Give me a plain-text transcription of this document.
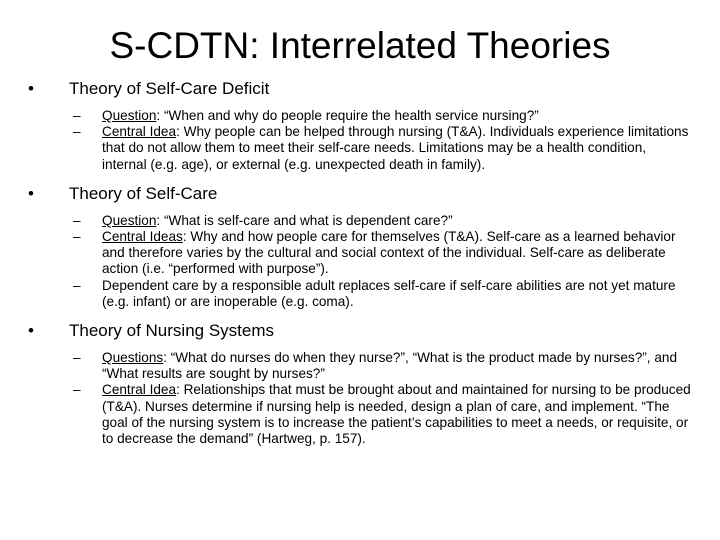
S-CDTN: Interrelated Theories
• Theory of Self-Care Deficit
– Question: “When and why do people require the health service nursing?”
– Central Idea: Why people can be helped through nursing (T&A). Individuals experience limitations that do not allow them to meet their self-care needs. Limitations may be a health condition, internal (e.g. age), or external (e.g. unexpected death in family).
• Theory of Self-Care
– Question: “What is self-care and what is dependent care?”
– Central Ideas: Why and how people care for themselves (T&A). Self-care as a learned behavior and therefore varies by the cultural and social context of the individual. Self-care as deliberate action (i.e. “performed with purpose”).
– Dependent care by a responsible adult replaces self-care if self-care abilities are not yet mature (e.g. infant) or are inoperable (e.g. coma).
• Theory of Nursing Systems
– Questions: “What do nurses do when they nurse?”, “What is the product made by nurses?”, and “What results are sought by nurses?”
– Central Idea: Relationships that must be brought about and maintained for nursing to be produced (T&A). Nurses determine if nursing help is needed, design a plan of care, and implement. “The goal of the nursing system is to increase the patient’s capabilities to meet a needs, or requisite, or to decrease the demand” (Hartweg, p. 157).
